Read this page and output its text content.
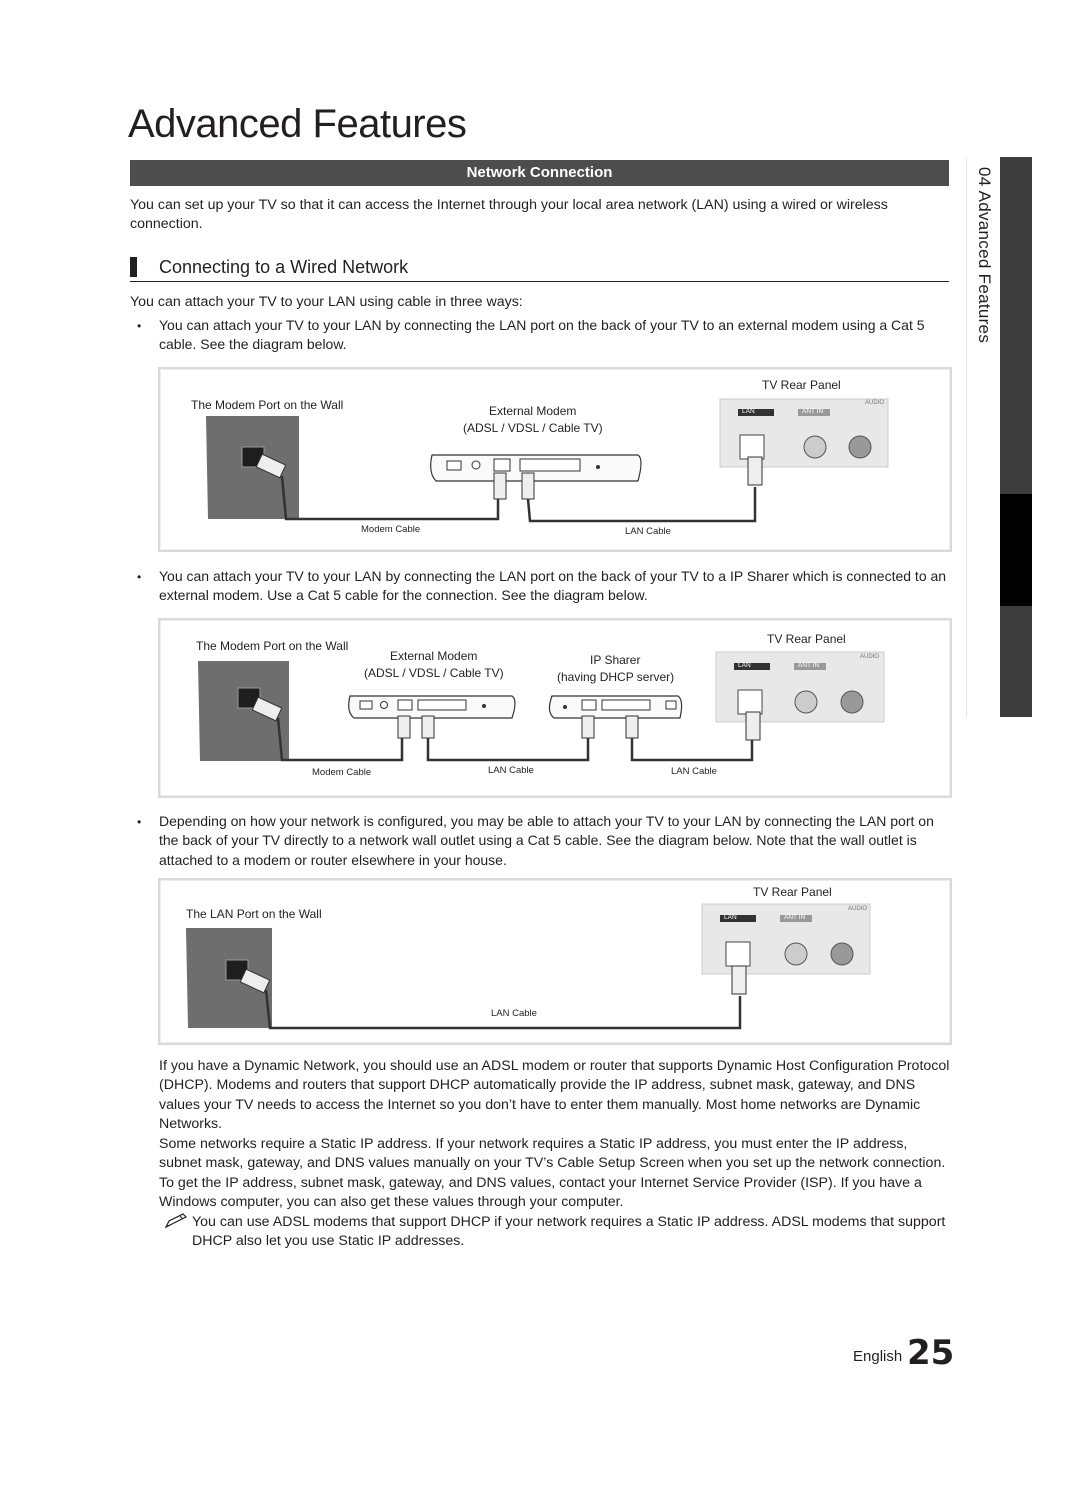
Advanced Features
Network Connection
You can set up your TV so that it can access the Internet through your local area network (LAN) using a wired or wireless connection.
Connecting to a Wired Network
You can attach your TV to your LAN using cable in three ways:
• You can attach your TV to your LAN by connecting the LAN port on the back of your TV to an external modem using a Cat 5 cable. See the diagram below.
The Modem Port on the Wall	External Modem
(ADSL / VDSL / Cable TV)
TV Rear Panel
LAN	ANT IN
AUDIO
Modem Cable	LAN Cable
• You can attach your TV to your LAN by connecting the LAN port on the back of your TV to a IP Sharer which is connected to an external modem. Use a Cat 5 cable for the connection. See the diagram below.
The Modem Port on the Wall
External Modem
(ADSL / VDSL / Cable TV)
IP Sharer
(having DHCP server)
TV Rear Panel
LAN	ANT IN
AUDIO
Modem Cable	LAN Cable	LAN Cable
• Depending on how your network is configured, you may be able to attach your TV to your LAN by connecting the LAN port on the back of your TV directly to a network wall outlet using a Cat 5 cable. See the diagram below. Note that the wall outlet is attached to a modem or router elsewhere in your house.
The LAN Port on the Wall
TV Rear Panel
LAN	ANT IN
AUDIO
LAN Cable
If you have a Dynamic Network, you should use an ADSL modem or router that supports Dynamic Host Configuration Protocol (DHCP). Modems and routers that support DHCP automatically provide the IP address, subnet mask, gateway, and DNS values your TV needs to access the Internet so you don’t have to enter them manually. Most home networks are Dynamic Networks.
Some networks require a Static IP address. If your network requires a Static IP address, you must enter the IP address, subnet mask, gateway, and DNS values manually on your TV’s Cable Setup Screen when you set up the network connection. To get the IP address, subnet mask, gateway, and DNS values, contact your Internet Service Provider (ISP). If you have a Windows computer, you can also get these values through your computer.
You can use ADSL modems that support DHCP if your network requires a Static IP address. ADSL modems that support DHCP also let you use Static IP addresses.
04 Advanced Features
English 25
